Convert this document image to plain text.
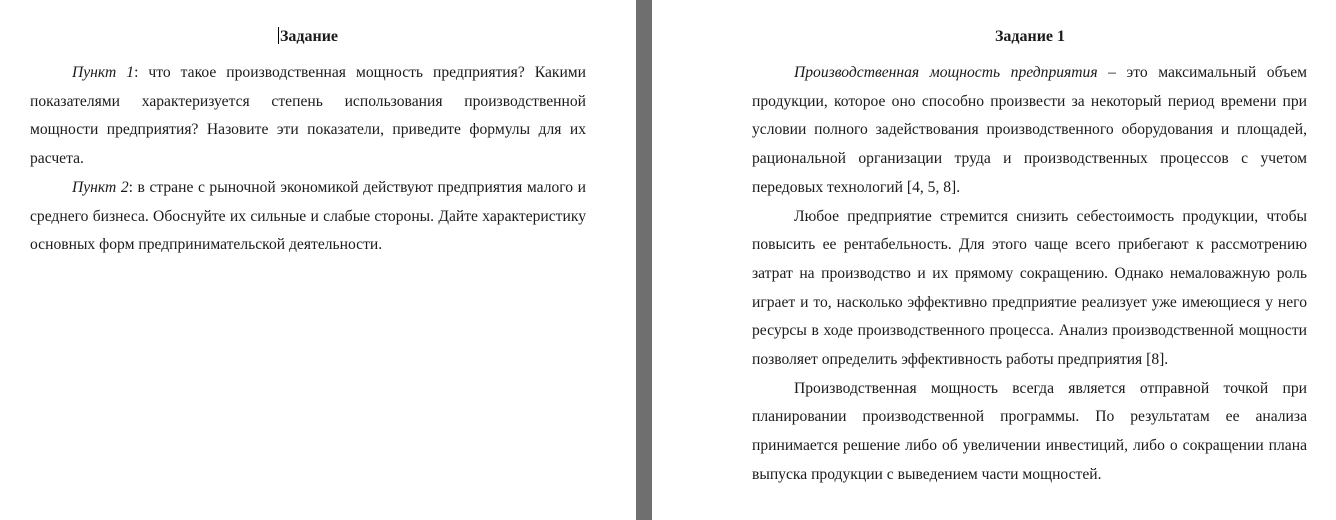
Задание

Пункт 1: что такое производственная мощность предприятия? Какими показателями характеризуется степень использования производственной мощности предприятия? Назовите эти показатели, приведите формулы для их расчета.

Пункт 2: в стране с рыночной экономикой действуют предприятия малого и среднего бизнеса. Обоснуйте их сильные и слабые стороны. Дайте характеристику основных форм предпринимательской деятельности.

Задание 1

Производственная мощность предприятия – это максимальный объем продукции, которое оно способно произвести за некоторый период времени при условии полного задействования производственного оборудования и площадей, рациональной организации труда и производственных процессов с учетом передовых технологий [4, 5, 8].

Любое предприятие стремится снизить себестоимость продукции, чтобы повысить ее рентабельность. Для этого чаще всего прибегают к рассмотрению затрат на производство и их прямому сокращению. Однако немаловажную роль играет и то, насколько эффективно предприятие реализует уже имеющиеся у него ресурсы в ходе производственного процесса. Анализ производственной мощности позволяет определить эффективность работы предприятия [8].

Производственная мощность всегда является отправной точкой при планировании производственной программы. По результатам ее анализа принимается решение либо об увеличении инвестиций, либо о сокращении плана выпуска продукции с выведением части мощностей.
